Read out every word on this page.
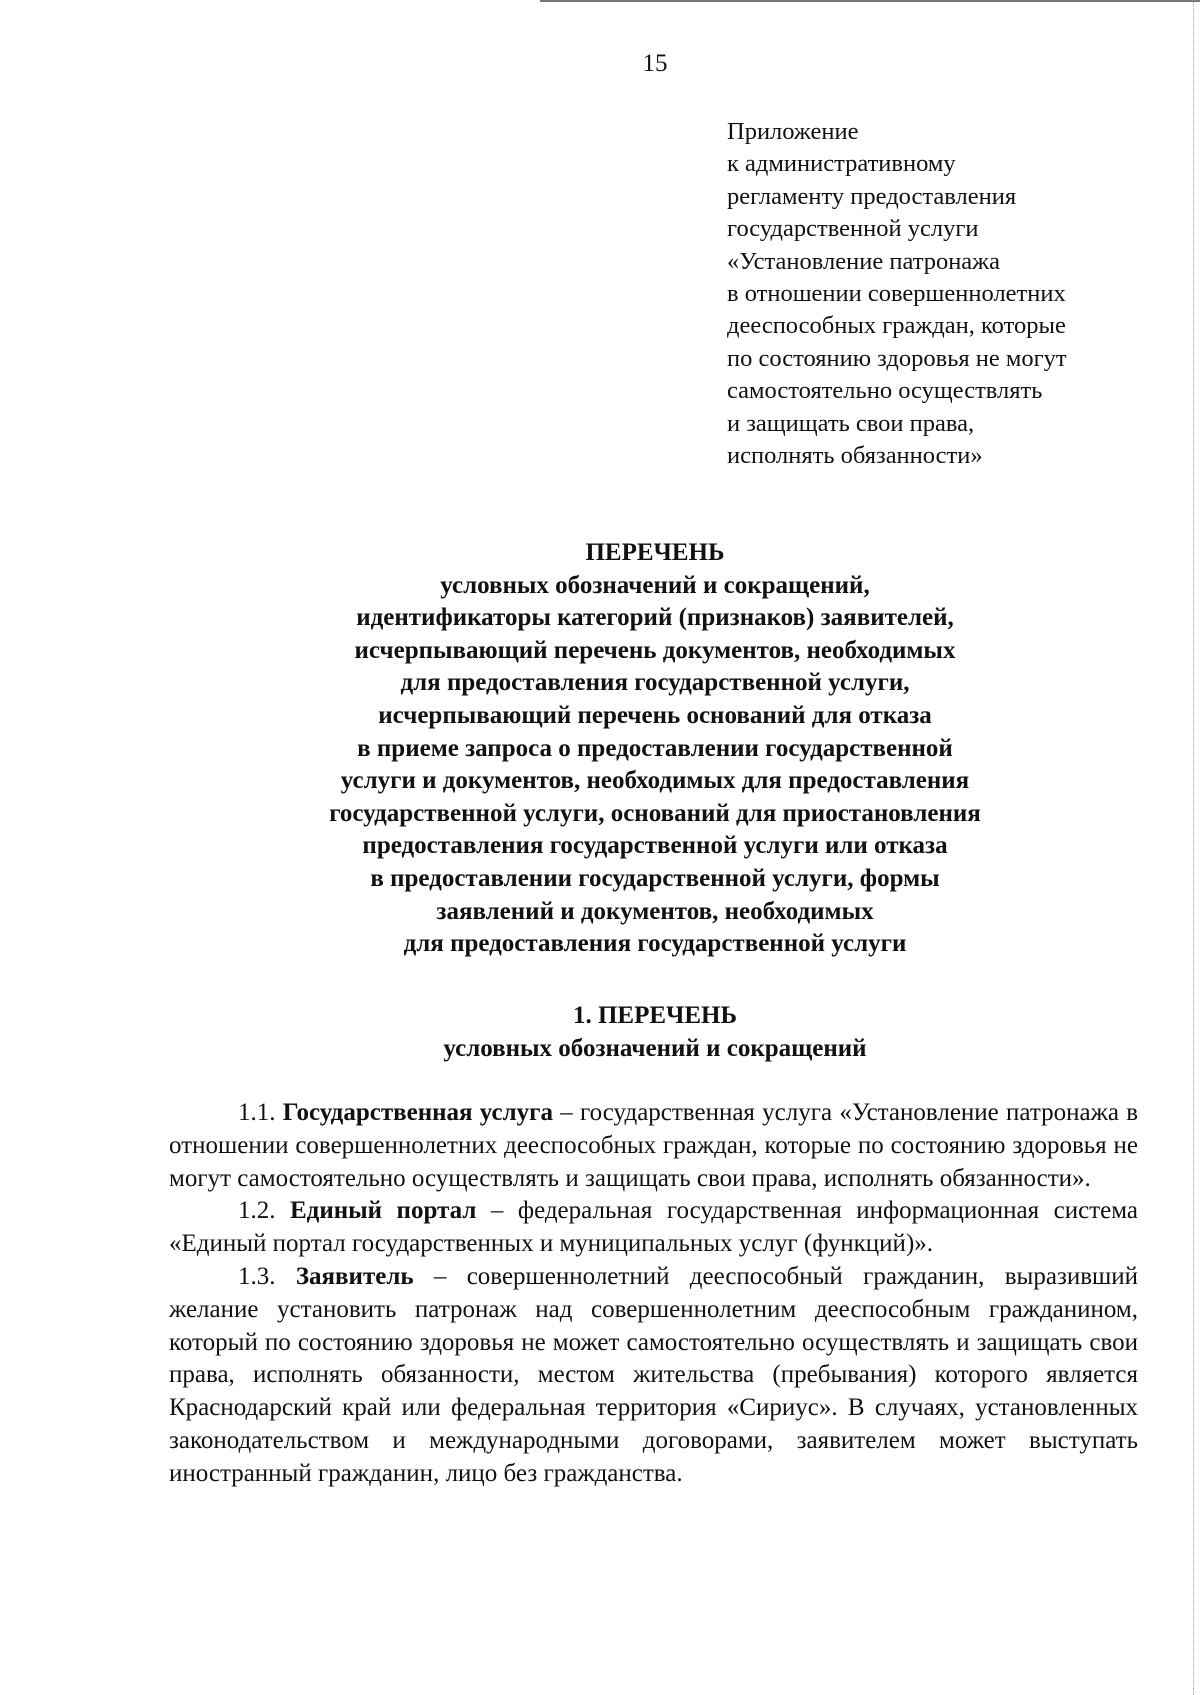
15
Приложение
к административному
регламенту предоставления
государственной услуги
«Установление патронажа
в отношении совершеннолетних
дееспособных граждан, которые
по состоянию здоровья не могут
самостоятельно осуществлять
и защищать свои права,
исполнять обязанности»
ПЕРЕЧЕНЬ
условных обозначений и сокращений,
идентификаторы категорий (признаков) заявителей,
исчерпывающий перечень документов, необходимых
для предоставления государственной услуги,
исчерпывающий перечень оснований для отказа
в приеме запроса о предоставлении государственной
услуги и документов, необходимых для предоставления
государственной услуги, оснований для приостановления
предоставления государственной услуги или отказа
в предоставлении государственной услуги, формы
заявлений и документов, необходимых
для предоставления государственной услуги
1. ПЕРЕЧЕНЬ
условных обозначений и сокращений

1.1. Государственная услуга – государственная услуга «Установление патронажа в отношении совершеннолетних дееспособных граждан, которые по состоянию здоровья не могут самостоятельно осуществлять и защищать свои права, исполнять обязанности».

1.2. Единый портал – федеральная государственная информационная система «Единый портал государственных и муниципальных услуг (функций)».

1.3. Заявитель – совершеннолетний дееспособный гражданин, выразивший желание установить патронаж над совершеннолетним дееспособным гражданином, который по состоянию здоровья не может самостоятельно осуществлять и защищать свои права, исполнять обязанности, местом жительства (пребывания) которого является Краснодарский край или федеральная территория «Сириус». В случаях, установленных законодательством и международными договорами, заявителем может выступать иностранный гражданин, лицо без гражданства.
